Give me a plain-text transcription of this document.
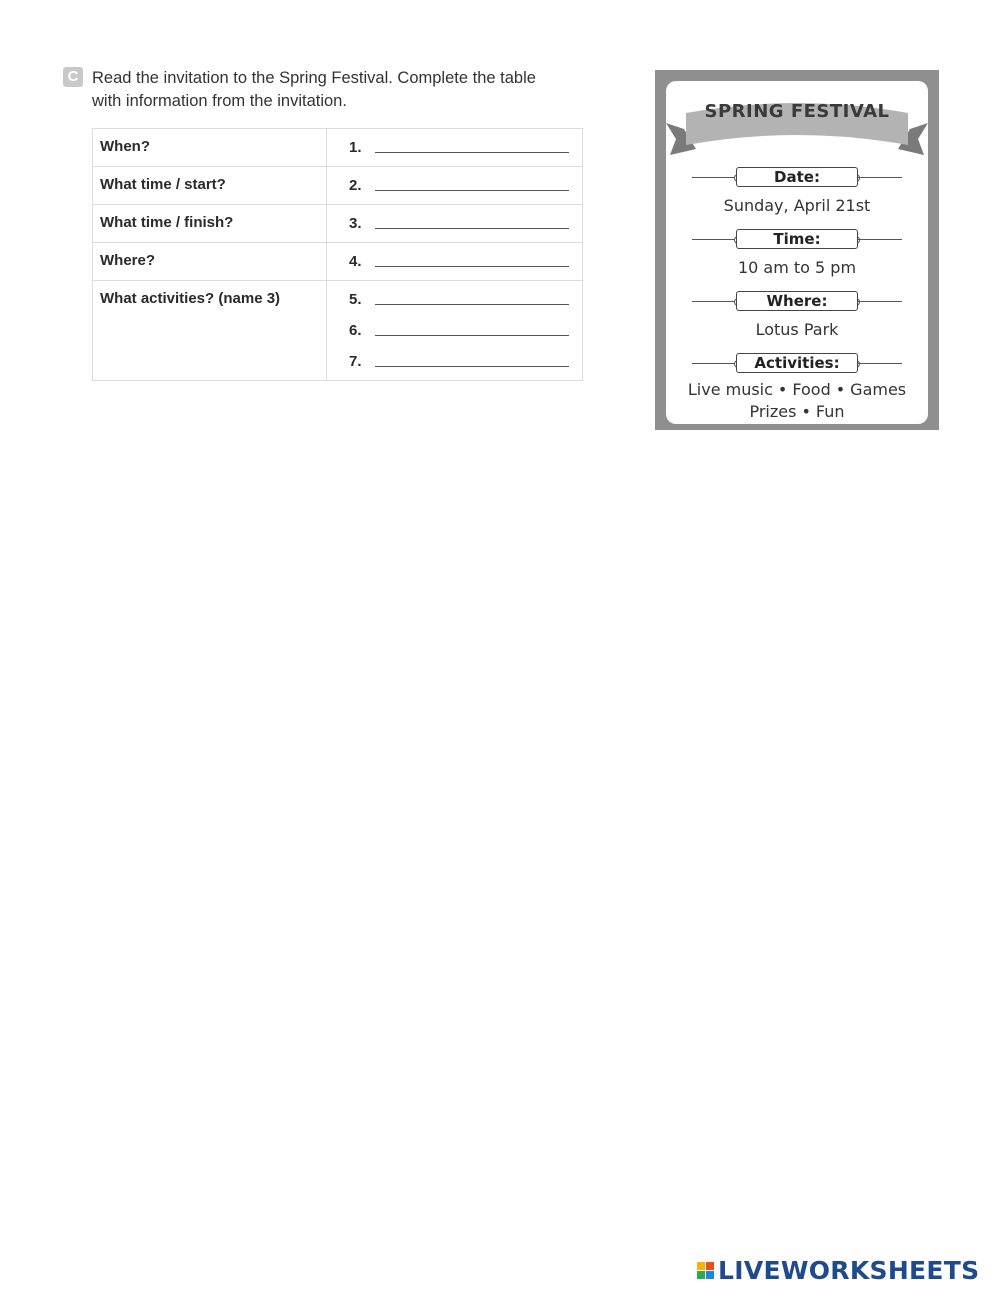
C Read the invitation to the Spring Festival. Complete the table with information from the invitation.
When?	1.

What time / start?	2.

What time / finish?	3.

Where?	4.

What activities? (name 3)	5.
6.
7.
SPRING FESTIVAL
Date:
Sunday, April 21st
Time:
10 am to 5 pm
Where:
Lotus Park
Activities:
Live music • Food • Games
Prizes • Fun
LIVEWORKSHEETS
